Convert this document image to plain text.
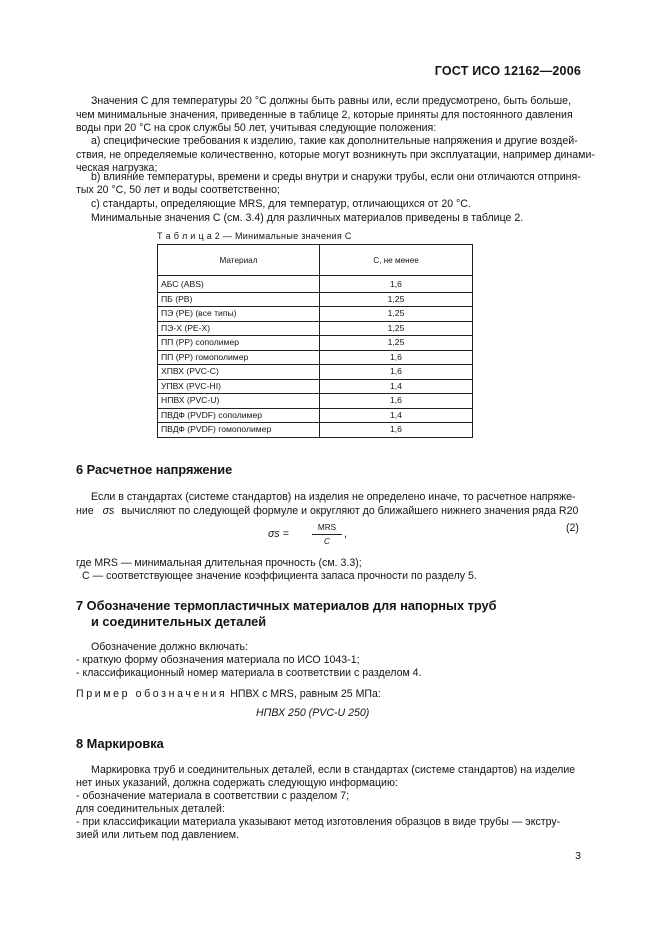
ГОСТ ИСО 12162—2006
Значения C для температуры 20 °С должны быть равны или, если предусмотрено, быть больше,
чем минимальные значения, приведенные в таблице 2, которые приняты для постоянного давления
воды при 20 °С на срок службы 50 лет, учитывая следующие положения:
a) специфические требования к изделию, такие как дополнительные напряжения и другие воздей-
ствия, не определяемые количественно, которые могут возникнуть при эксплуатации, например динами-
ческая нагрузка;
b) влияние температуры, времени и среды внутри и снаружи трубы, если они отличаются отприня-
тых 20 °С, 50 лет и воды соответственно;
c) стандарты, определяющие MRS, для температур, отличающихся от 20 °С.
Минимальные значения C (см. 3.4) для различных материалов приведены в таблице 2.
Т а б л и ц а 2 — Минимальные значения C
Материал	C, не менее
АБС (ABS)	1,6
ПБ (PB)	1,25
ПЭ (PE) (все типы)	1,25
ПЭ-Х (PE-X)	1,25
ПП (PP) сополимер	1,25
ПП (PP) гомополимер	1,6
ХПВХ (PVC-C)	1,6
УПВХ (PVC-HI)	1,4
НПВХ (PVC-U)	1,6
ПВДФ (PVDF) сополимер	1,4
ПВДФ (PVDF) гомополимер	1,6
6 Расчетное напряжение
Если в стандартах (системе стандартов) на изделия не определено иначе, то расчетное напряже-
ние σs вычисляют по следующей формуле и округляют до ближайшего нижнего значения ряда R20
σs =
MRS
C
,	(2)
где MRS — минимальная длительная прочность (см. 3.3);
C — соответствующее значение коэффициента запаса прочности по разделу 5.
7 Обозначение термопластичных материалов для напорных труб
и соединительных деталей
Обозначение должно включать:
- краткую форму обозначения материала по ИСО 1043-1;
- классификационный номер материала в соответствии с разделом 4.
Пример обозначения НПВХ с MRS, равным 25 МПа:
НПВХ 250 (PVC-U 250)
8 Маркировка
Маркировка труб и соединительных деталей, если в стандартах (системе стандартов) на изделие
нет иных указаний, должна содержать следующую информацию:
- обозначение материала в соответствии с разделом 7;
для соединительных деталей:
- при классификации материала указывают метод изготовления образцов в виде трубы — экстру-
зией или литьем под давлением.
3
